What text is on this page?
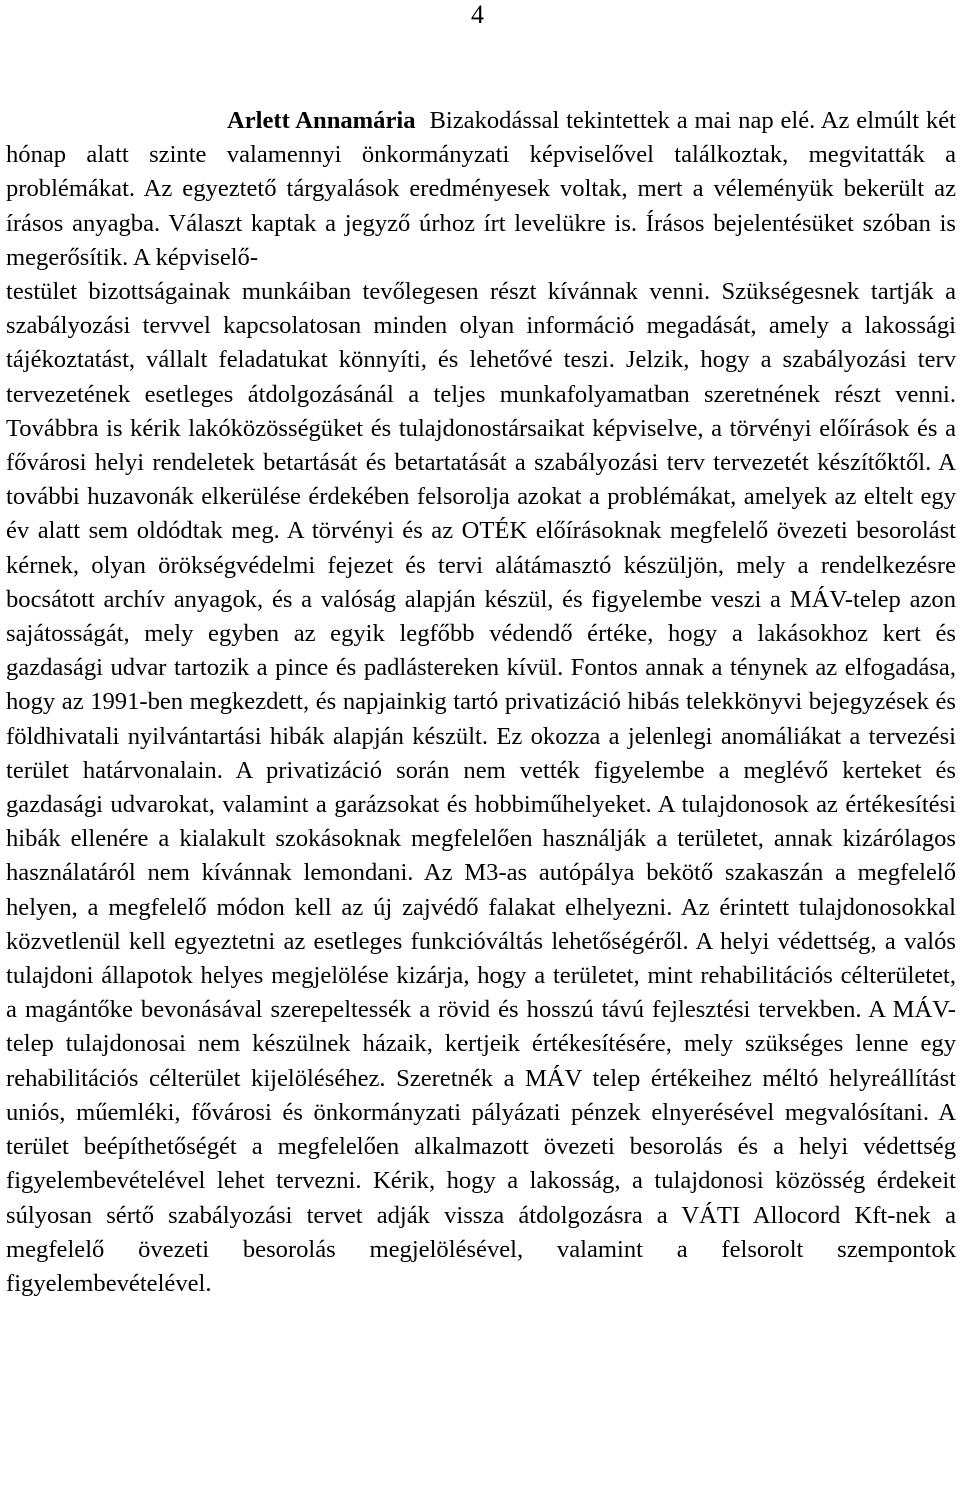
4

Arlett Annamária Bizakodással tekintettek a mai nap elé. Az elmúlt két hónap alatt szinte valamennyi önkormányzati képviselővel találkoztak, megvitatták a problémákat. Az egyeztető tárgyalások eredményesek voltak, mert a véleményük bekerült az írásos anyagba. Választ kaptak a jegyző úrhoz írt levelükre is. Írásos bejelentésüket szóban is megerősítik. A képviselő-
testület bizottságainak munkáiban tevőlegesen részt kívánnak venni. Szükségesnek tartják a szabályozási tervvel kapcsolatosan minden olyan információ megadását, amely a lakossági tájékoztatást, vállalt feladatukat könnyíti, és lehetővé teszi. Jelzik, hogy a szabályozási terv tervezetének esetleges átdolgozásánál a teljes munkafolyamatban szeretnének részt venni. Továbbra is kérik lakóközösségüket és tulajdonostársaikat képviselve, a törvényi előírások és a fővárosi helyi rendeletek betartását és betartatását a szabályozási terv tervezetét készítőktől. A további huzavonák elkerülése érdekében felsorolja azokat a problémákat, amelyek az eltelt egy év alatt sem oldódtak meg. A törvényi és az OTÉK előírásoknak megfelelő övezeti besorolást kérnek, olyan örökségvédelmi fejezet és tervi alátámasztó készüljön, mely a rendelkezésre bocsátott archív anyagok, és a valóság alapján készül, és figyelembe veszi a MÁV-telep azon sajátosságát, mely egyben az egyik legfőbb védendő értéke, hogy a lakásokhoz kert és gazdasági udvar tartozik a pince és padlástereken kívül. Fontos annak a ténynek az elfogadása, hogy az 1991-ben megkezdett, és napjainkig tartó privatizáció hibás telekkönyvi bejegyzések és földhivatali nyilvántartási hibák alapján készült. Ez okozza a jelenlegi anomáliákat a tervezési terület határvonalain. A privatizáció során nem vették figyelembe a meglévő kerteket és gazdasági udvarokat, valamint a garázsokat és hobbiműhelyeket. A tulajdonosok az értékesítési hibák ellenére a kialakult szokásoknak megfelelően használják a területet, annak kizárólagos használatáról nem kívánnak lemondani. Az M3-as autópálya bekötő szakaszán a megfelelő helyen, a megfelelő módon kell az új zajvédő falakat elhelyezni. Az érintett tulajdonosokkal közvetlenül kell egyeztetni az esetleges funkcióváltás lehetőségéről. A helyi védettség, a valós tulajdoni állapotok helyes megjelölése kizárja, hogy a területet, mint rehabilitációs célterületet, a magántőke bevonásával szerepeltessék a rövid és hosszú távú fejlesztési tervekben. A MÁV-telep tulajdonosai nem készülnek házaik, kertjeik értékesítésére, mely szükséges lenne egy rehabilitációs célterület kijelöléséhez. Szeretnék a MÁV telep értékeihez méltó helyreállítást uniós, műemléki, fővárosi és önkormányzati pályázati pénzek elnyerésével megvalósítani. A terület beépíthetőségét a megfelelően alkalmazott övezeti besorolás és a helyi védettség figyelembevételével lehet tervezni. Kérik, hogy a lakosság, a tulajdonosi közösség érdekeit súlyosan sértő szabályozási tervet adják vissza átdolgozásra a VÁTI Allocord Kft-nek a megfelelő övezeti besorolás megjelölésével, valamint a felsorolt szempontok figyelembevételével.
